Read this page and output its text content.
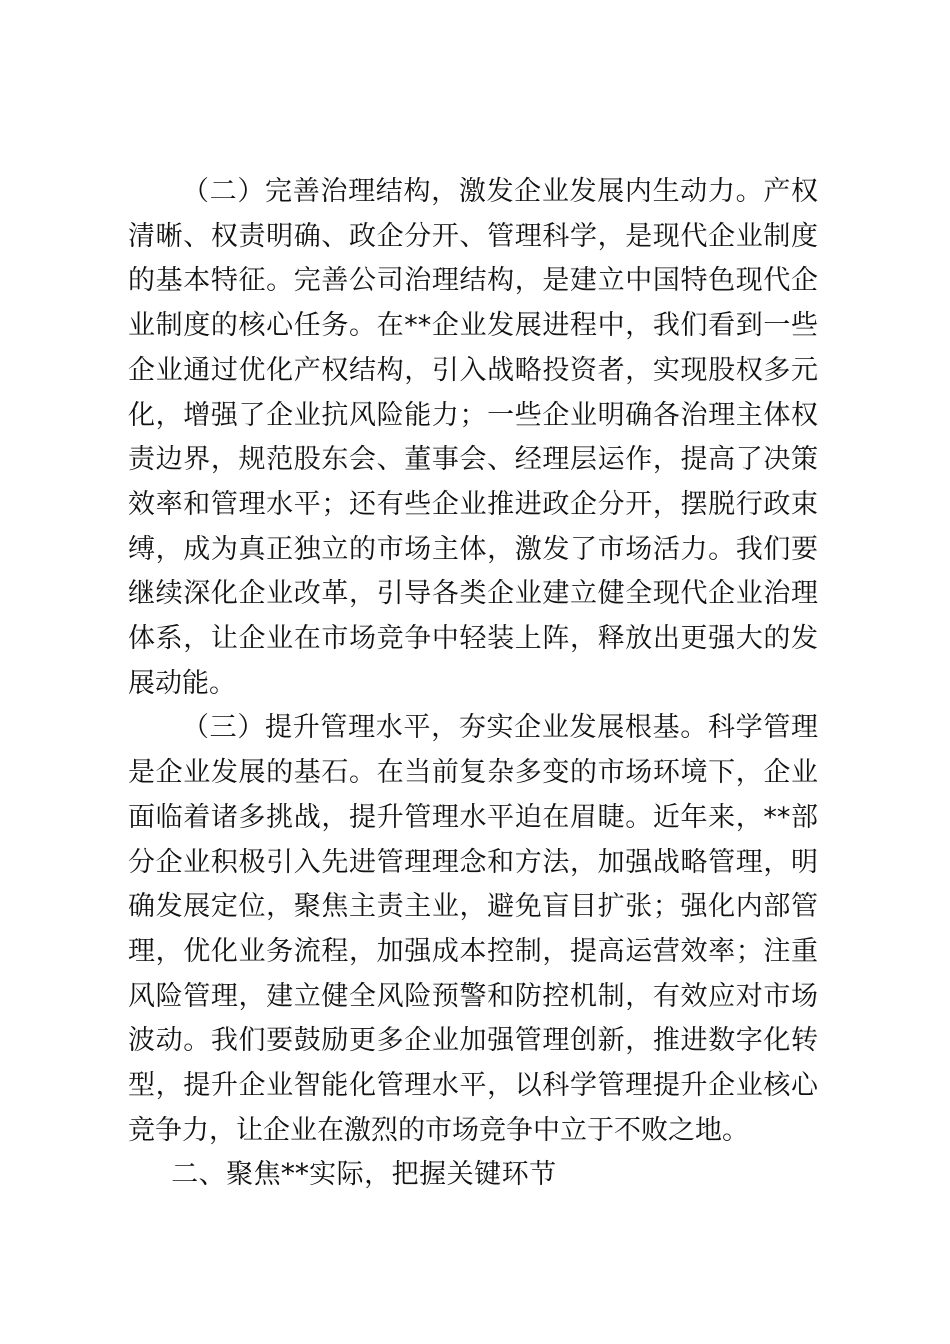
（二）完善治理结构，激发企业发展内生动力。产权清晰、权责明确、政企分开、管理科学，是现代企业制度的基本特征。完善公司治理结构，是建立中国特色现代企业制度的核心任务。在**企业发展进程中，我们看到一些企业通过优化产权结构，引入战略投资者，实现股权多元化，增强了企业抗风险能力；一些企业明确各治理主体权责边界，规范股东会、董事会、经理层运作，提高了决策效率和管理水平；还有些企业推进政企分开，摆脱行政束缚，成为真正独立的市场主体，激发了市场活力。我们要继续深化企业改革，引导各类企业建立健全现代企业治理体系，让企业在市场竞争中轻装上阵，释放出更强大的发展动能。

（三）提升管理水平，夯实企业发展根基。科学管理是企业发展的基石。在当前复杂多变的市场环境下，企业面临着诸多挑战，提升管理水平迫在眉睫。近年来，**部分企业积极引入先进管理理念和方法，加强战略管理，明确发展定位，聚焦主责主业，避免盲目扩张；强化内部管理，优化业务流程，加强成本控制，提高运营效率；注重风险管理，建立健全风险预警和防控机制，有效应对市场波动。我们要鼓励更多企业加强管理创新，推进数字化转型，提升企业智能化管理水平，以科学管理提升企业核心竞争力，让企业在激烈的市场竞争中立于不败之地。

二、聚焦**实际，把握关键环节
